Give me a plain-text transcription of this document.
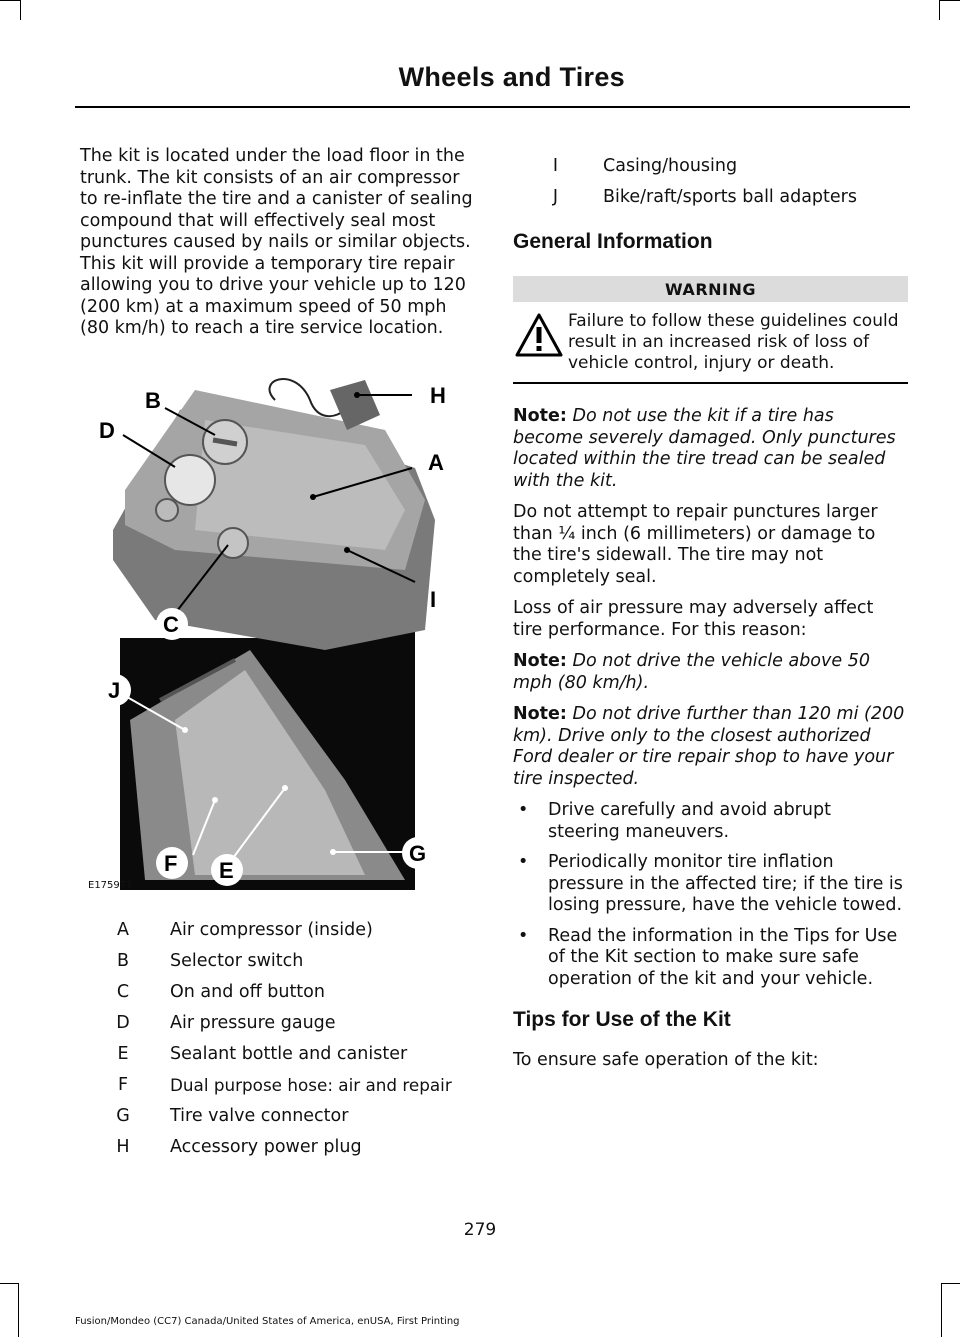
Wheels and Tires

The kit is located under the load floor in the trunk. The kit consists of an air compressor to re-inflate the tire and a canister of sealing compound that will effectively seal most punctures caused by nails or similar objects. This kit will provide a temporary tire repair allowing you to drive your vehicle up to 120 (200 km) at a maximum speed of 50 mph (80 km/h) to reach a tire service location.

B
D
H
A
I
C
J
F E
G
E175977
A	Air compressor (inside)
B	Selector switch
C	On and off button
D	Air pressure gauge
E	Sealant bottle and canister
F	Dual purpose hose: air and repair
G	Tire valve connector
H	Accessory power plug
I	Casing/housing
J	Bike/raft/sports ball adapters
General Information
WARNING

Failure to follow these guidelines could result in an increased risk of loss of vehicle control, injury or death.

Note: Do not use the kit if a tire has become severely damaged. Only punctures located within the tire tread can be sealed with the kit.

Do not attempt to repair punctures larger than ¼ inch (6 millimeters) or damage to the tire's sidewall. The tire may not completely seal.

Loss of air pressure may adversely affect tire performance. For this reason:

Note: Do not drive the vehicle above 50 mph (80 km/h).

Note: Do not drive further than 120 mi (200 km). Drive only to the closest authorized Ford dealer or tire repair shop to have your tire inspected.

• Drive carefully and avoid abrupt steering maneuvers.
• Periodically monitor tire inflation pressure in the affected tire; if the tire is losing pressure, have the vehicle towed.
• Read the information in the Tips for Use of the Kit section to make sure safe operation of the kit and your vehicle.
Tips for Use of the Kit

To ensure safe operation of the kit:

279
Fusion/Mondeo (CC7) Canada/United States of America, enUSA, First Printing
